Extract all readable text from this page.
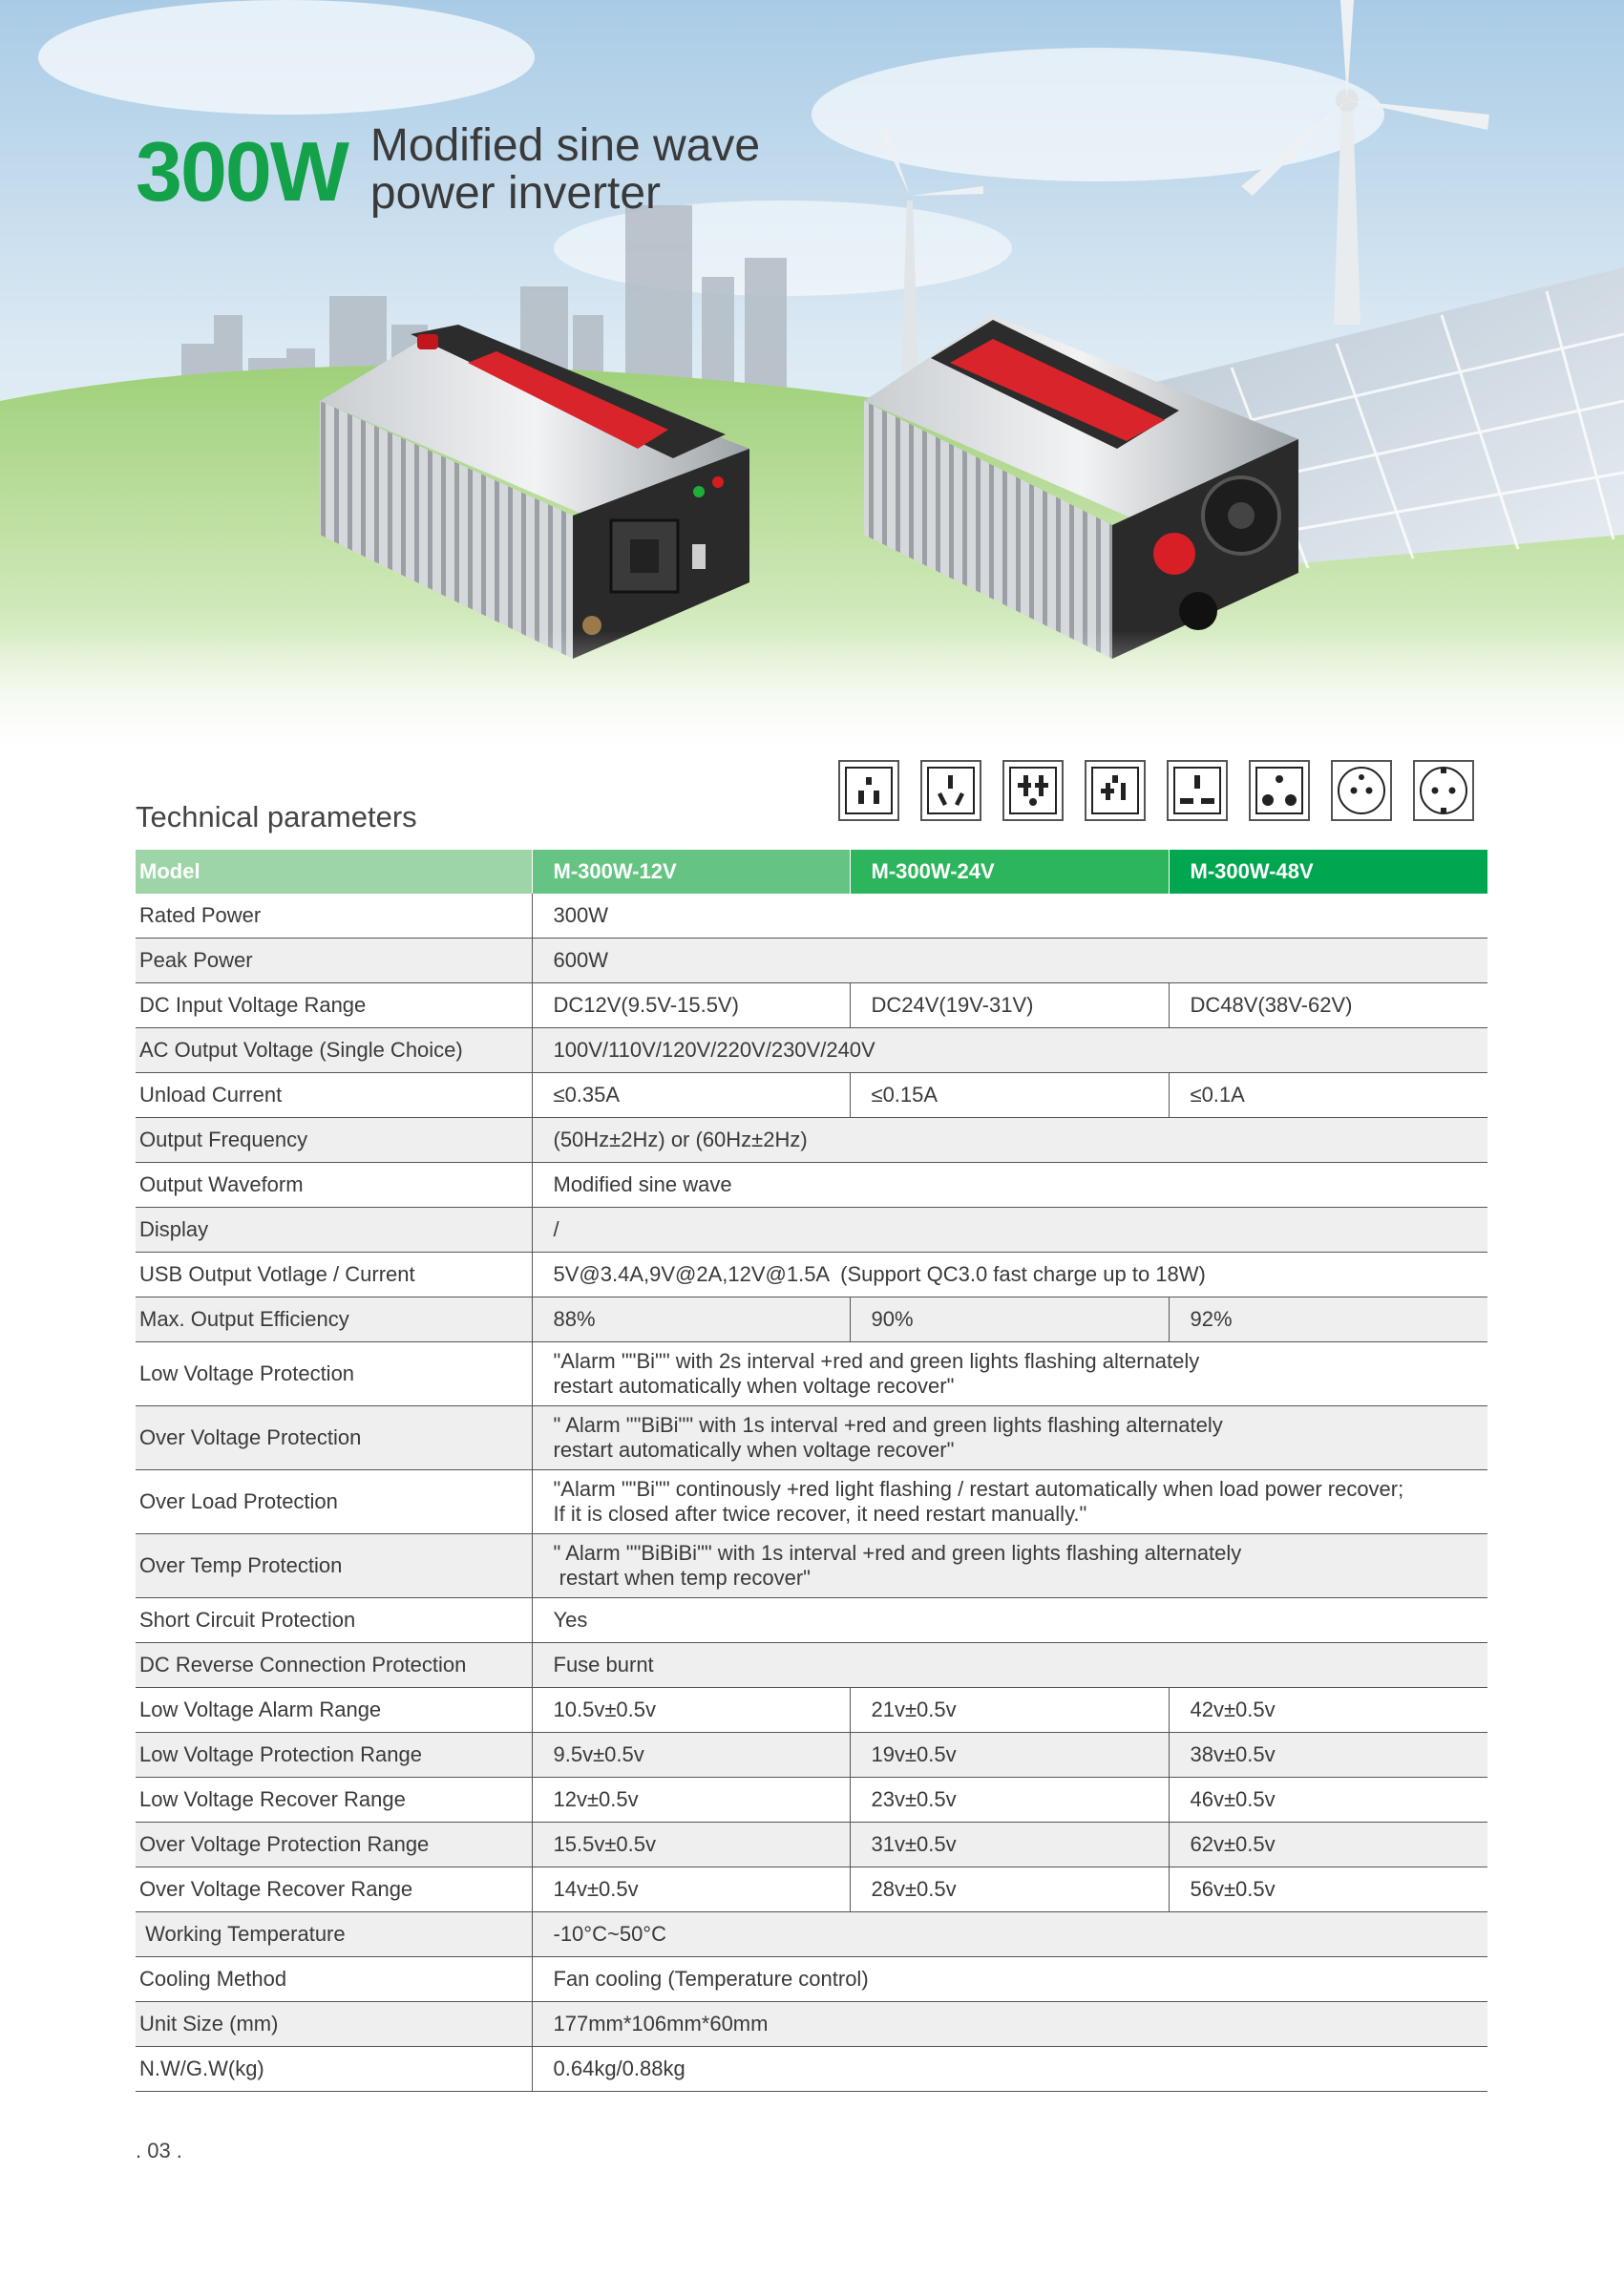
300W Modified sine wave
power inverter
Technical parameters
Model	M-300W-12V	M-300W-24V	M-300W-48V
Rated Power	300W		
Peak Power	600W		
DC Input Voltage Range	DC12V(9.5V-15.5V)	DC24V(19V-31V)	DC48V(38V-62V)
AC Output Voltage (Single Choice)	100V/110V/120V/220V/230V/240V		
Unload Current	≤0.35A	≤0.15A	≤0.1A
Output Frequency	(50Hz±2Hz) or (60Hz±2Hz)		
Output Waveform	Modified sine wave		
Display	/		
USB Output Votlage / Current	5V@3.4A,9V@2A,12V@1.5A  (Support QC3.0 fast charge up to 18W)		
Max. Output Efficiency	88%	90%	92%
Low Voltage Protection	"Alarm ""Bi"" with 2s interval +red and green lights flashing alternately
restart automatically when voltage recover"		

Over Voltage Protection	" Alarm ""BiBi"" with 1s interval +red and green lights flashing alternately
restart automatically when voltage recover"		

Over Load Protection	"Alarm ""Bi"" continously +red light flashing / restart automatically when load power recover;
If it is closed after twice recover, it need restart manually."		

Over Temp Protection	" Alarm ""BiBiBi"" with 1s interval +red and green lights flashing alternately
restart when temp recover"		

Short Circuit Protection	Yes		
DC Reverse Connection Protection	Fuse burnt		
Low Voltage Alarm Range	10.5v±0.5v	21v±0.5v	42v±0.5v
Low Voltage Protection Range	9.5v±0.5v	19v±0.5v	38v±0.5v
Low Voltage Recover Range	12v±0.5v	23v±0.5v	46v±0.5v
Over Voltage Protection Range	15.5v±0.5v	31v±0.5v	62v±0.5v
Over Voltage Recover Range	14v±0.5v	28v±0.5v	56v±0.5v
Working Temperature	-10°C~50°C		
Cooling Method	Fan cooling (Temperature control)		
Unit Size (mm)	177mm*106mm*60mm		
N.W/G.W(kg)	0.64kg/0.88kg		
. 03 .
